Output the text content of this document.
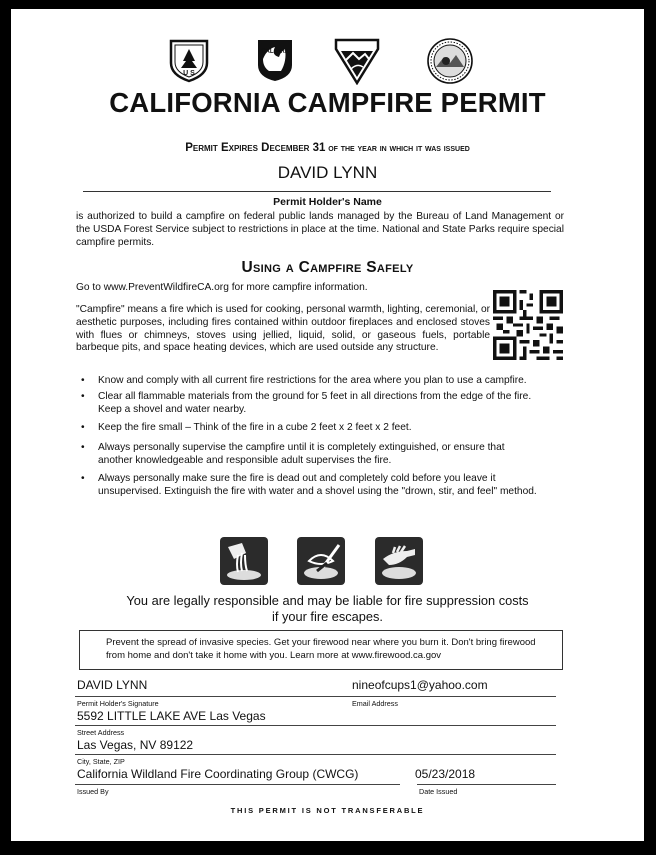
U S
CAL FIRE
CALIFORNIA CAMPFIRE PERMIT
Permit Expires December 31 of the year in which it was issued
DAVID LYNN
Permit Holder's Name
is authorized to build a campfire on federal public lands managed by the Bureau of Land Management or the USDA Forest Service subject to restrictions in place at the time. National and State Parks require special campfire permits.
Using a Campfire Safely
Go to www.PreventWildfireCA.org for more campfire information.
"Campfire" means a fire which is used for cooking, personal warmth, lighting, ceremonial, or aesthetic purposes, including fires contained within outdoor fireplaces and enclosed stoves with flues or chimneys, stoves using jellied, liquid, solid, or gaseous fuels, portable barbeque pits, and space heating devices, which are used outside any structure.
• Know and comply with all current fire restrictions for the area where you plan to use a campfire.
• Clear all flammable materials from the ground for 5 feet in all directions from the edge of the fire. Keep a shovel and water nearby.
• Keep the fire small – Think of the fire in a cube 2 feet x 2 feet x 2 feet.
• Always personally supervise the campfire until it is completely extinguished, or ensure that another knowledgeable and responsible adult supervises the fire.
• Always personally make sure the fire is dead out and completely cold before you leave it unsupervised. Extinguish the fire with water and a shovel using the "drown, stir, and feel" method.
You are legally responsible and may be liable for fire suppression costs
if your fire escapes.
Prevent the spread of invasive species. Get your firewood near where you burn it. Don't bring firewood from home and don't take it home with you. Learn more at www.firewood.ca.gov
DAVID LYNN	nineofcups1@yahoo.com
Permit Holder's Signature	Email Address
5592 LITTLE LAKE AVE Las Vegas
Street Address
Las Vegas, NV 89122
City, State, ZIP
California Wildland Fire Coordinating Group (CWCG)	05/23/2018
Issued By	Date Issued
THIS PERMIT IS NOT TRANSFERABLE
